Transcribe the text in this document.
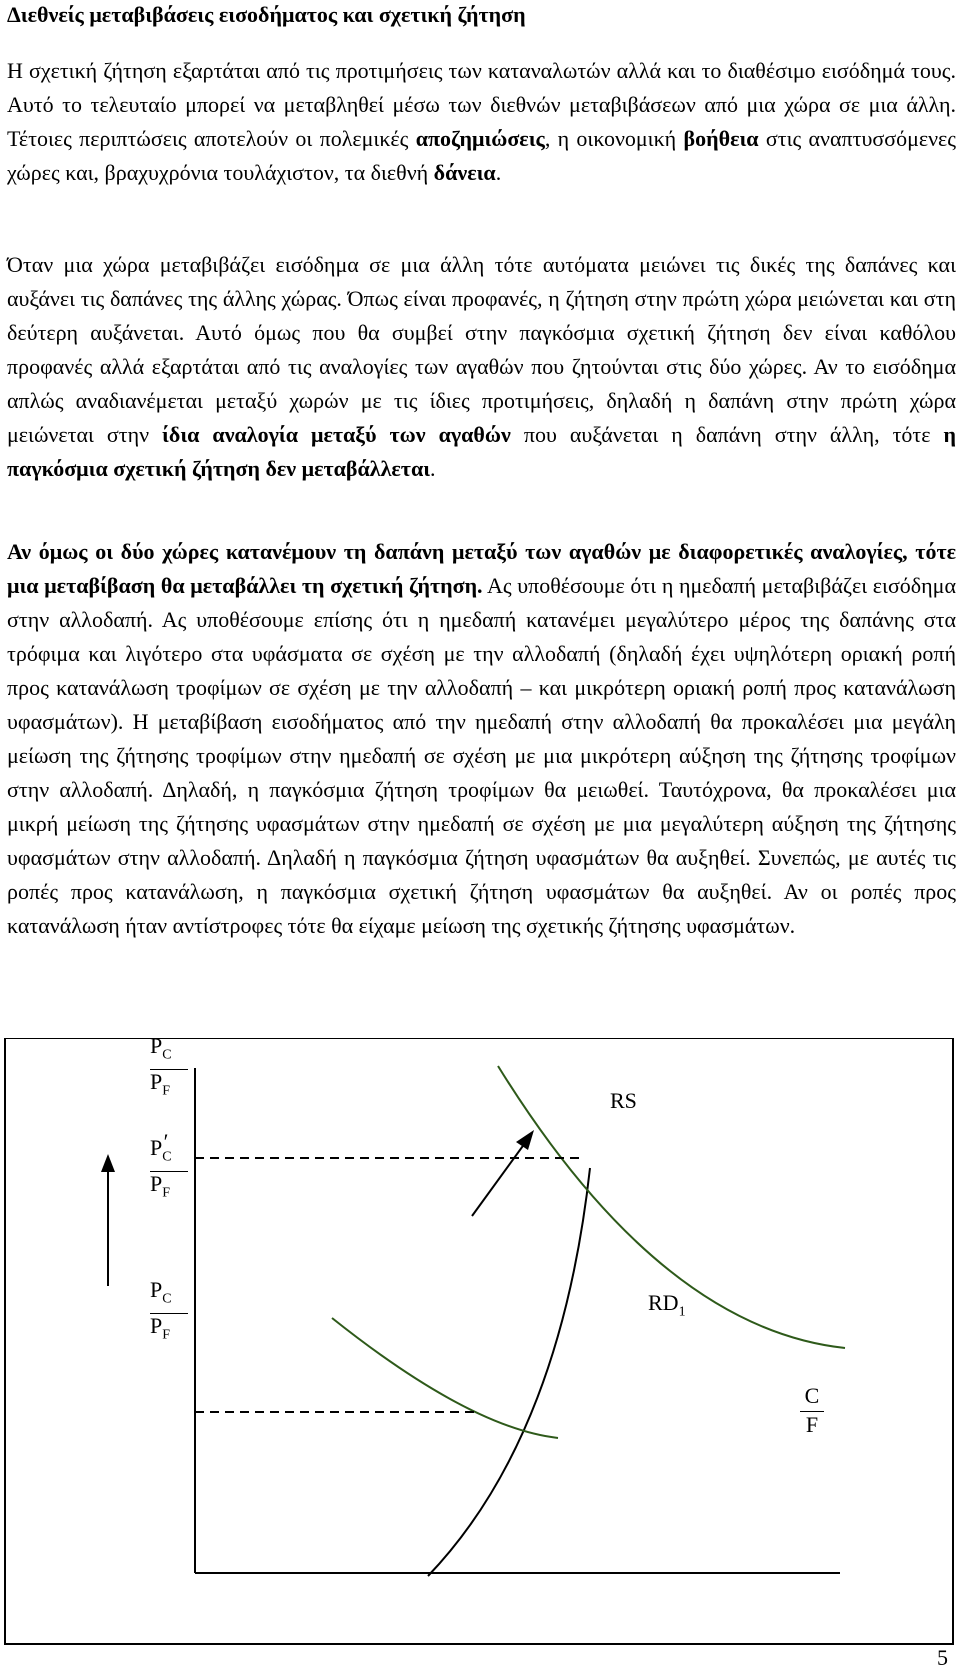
Διεθνείς μεταβιβάσεις εισοδήματος και σχετική ζήτηση

Η σχετική ζήτηση εξαρτάται από τις προτιμήσεις των καταναλωτών αλλά και το διαθέσιμο εισόδημά τους. Αυτό το τελευταίο μπορεί να μεταβληθεί μέσω των διεθνών μεταβιβάσεων από μια χώρα σε μια άλλη. Τέτοιες περιπτώσεις αποτελούν οι πολεμικές αποζημιώσεις, η οικονομική βοήθεια στις αναπτυσσόμενες χώρες και, βραχυχρόνια τουλάχιστον, τα διεθνή δάνεια.

Όταν μια χώρα μεταβιβάζει εισόδημα σε μια άλλη τότε αυτόματα μειώνει τις δικές της δαπάνες και αυξάνει τις δαπάνες της άλλης χώρας. Όπως είναι προφανές, η ζήτηση στην πρώτη χώρα μειώνεται και στη δεύτερη αυξάνεται. Αυτό όμως που θα συμβεί στην παγκόσμια σχετική ζήτηση δεν είναι καθόλου προφανές αλλά εξαρτάται από τις αναλογίες των αγαθών που ζητούνται στις δύο χώρες. Αν το εισόδημα απλώς αναδιανέμεται μεταξύ χωρών με τις ίδιες προτιμήσεις, δηλαδή η δαπάνη στην πρώτη χώρα μειώνεται στην ίδια αναλογία μεταξύ των αγαθών που αυξάνεται η δαπάνη στην άλλη, τότε η παγκόσμια σχετική ζήτηση δεν μεταβάλλεται.

Αν όμως οι δύο χώρες κατανέμουν τη δαπάνη μεταξύ των αγαθών με διαφορετικές αναλογίες, τότε μια μεταβίβαση θα μεταβάλλει τη σχετική ζήτηση. Ας υποθέσουμε ότι η ημεδαπή μεταβιβάζει εισόδημα στην αλλοδαπή. Ας υποθέσουμε επίσης ότι η ημεδαπή κατανέμει μεγαλύτερο μέρος της δαπάνης στα τρόφιμα και λιγότερο στα υφάσματα σε σχέση με την αλλοδαπή (δηλαδή έχει υψηλότερη οριακή ροπή προς κατανάλωση τροφίμων σε σχέση με την αλλοδαπή – και μικρότερη οριακή ροπή προς κατανάλωση υφασμάτων). Η μεταβίβαση εισοδήματος από την ημεδαπή στην αλλοδαπή θα προκαλέσει μια μεγάλη μείωση της ζήτησης τροφίμων στην ημεδαπή σε σχέση με μια μικρότερη αύξηση της ζήτησης τροφίμων στην αλλοδαπή. Δηλαδή, η παγκόσμια ζήτηση τροφίμων θα μειωθεί. Ταυτόχρονα, θα προκαλέσει μια μικρή μείωση της ζήτησης υφασμάτων στην ημεδαπή σε σχέση με μια μεγαλύτερη αύξηση της ζήτησης υφασμάτων στην αλλοδαπή. Δηλαδή η παγκόσμια ζήτηση υφασμάτων θα αυξηθεί. Συνεπώς, με αυτές τις ροπές προς κατανάλωση, η παγκόσμια σχετική ζήτηση υφασμάτων θα αυξηθεί. Αν οι ροπές προς κατανάλωση ήταν αντίστροφες τότε θα είχαμε μείωση της σχετικής ζήτησης υφασμάτων.

$\frac{P_C}{P_F}$
$\frac{P_C'}{P_F}$
$\frac{P_C}{P_F}$
RS
$RD_1$
$\frac{C}{F}$
5
